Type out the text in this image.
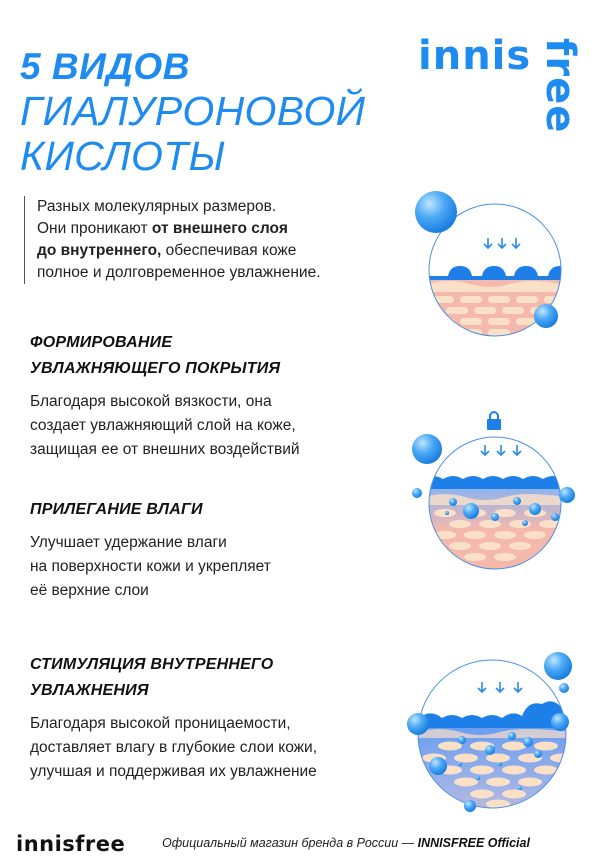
5 ВИДОВ
ГИАЛУРОНОВОЙ
КИСЛОТЫ
innis free
Разных молекулярных размеров.
Они проникают от внешнего слоя
до внутреннего, обеспечивая коже
полное и долговременное увлажнение.
ФОРМИРОВАНИЕ
УВЛАЖНЯЮЩЕГО ПОКРЫТИЯ

Благодаря высокой вязкости, она
создает увлажняющий слой на коже,
защищая ее от внешних воздействий

ПРИЛЕГАНИЕ ВЛАГИ

Улучшает удержание влаги
на поверхности кожи и укрепляет
её верхние слои

СТИМУЛЯЦИЯ ВНУТРЕННЕГО
УВЛАЖНЕНИЯ

Благодаря высокой проницаемости,
доставляет влагу в глубокие слои кожи,
улучшая и поддерживая их увлажнение

innisfree	Официальный магазин бренда в России — INNISFREE Official
